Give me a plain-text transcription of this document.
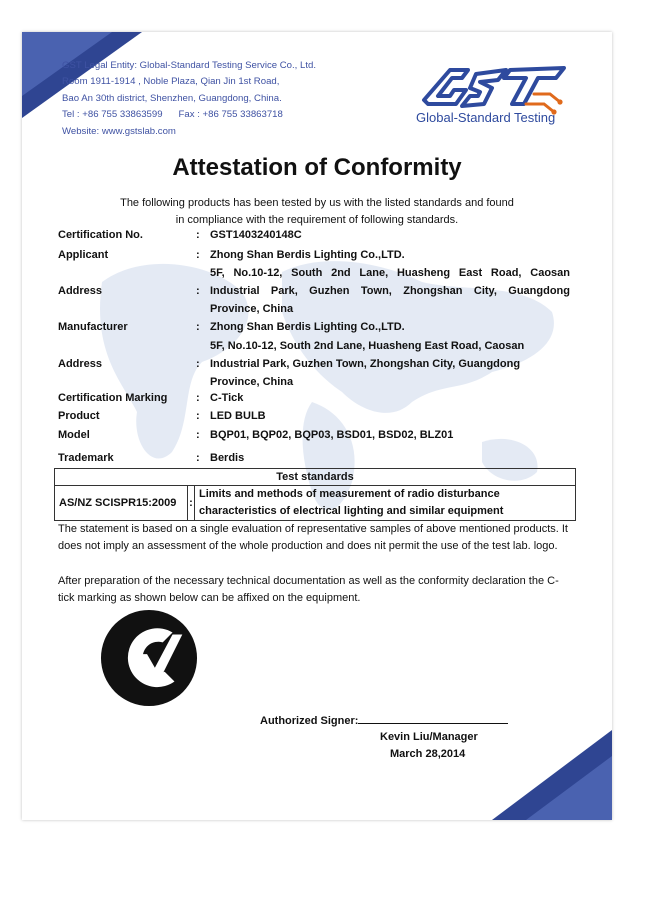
GST Legal Entity: Global-Standard Testing Service Co., Ltd.
Room 1911-1914 , Noble Plaza, Qian Jin 1st Road,
Bao An 30th district, Shenzhen, Guangdong, China.
Tel : +86 755 33863599      Fax : +86 755 33863718
Website: www.gstslab.com
Global-Standard Testing
Attestation of Conformity
The following products has been tested by us with the listed standards and found
in compliance with the requirement of following standards.
Certification No.	: GST1403240148C
Applicant	: Zhong Shan Berdis Lighting Co.,LTD.
Address	:
5F, No.10-12, South 2nd Lane, Huasheng East Road, Caosan Industrial Park, Guzhen Town, Zhongshan City, Guangdong Province, China
Manufacturer	: Zhong Shan Berdis Lighting Co.,LTD.
Address	:
5F, No.10-12, South 2nd Lane, Huasheng East Road, Caosan Industrial Park, Guzhen Town, Zhongshan City, Guangdong Province, China
Certification Marking	: C-Tick
Product	: LED BULB
Model	: BQP01, BQP02, BQP03, BSD01, BSD02, BLZ01
Trademark	: Berdis
Test standards
AS/NZ SCISPR15:2009	:	Limits and methods of measurement of radio disturbance characteristics of electrical lighting and similar equipment
The statement is based on a single evaluation of representative samples of above mentioned products. It does not imply an assessment of the whole production and does nit permit the use of the test lab. logo.
After preparation of the necessary technical documentation as well as the conformity declaration the C-tick marking as shown below can be affixed on the equipment.
Authorized Signer:
Kevin Liu/Manager
March 28,2014
